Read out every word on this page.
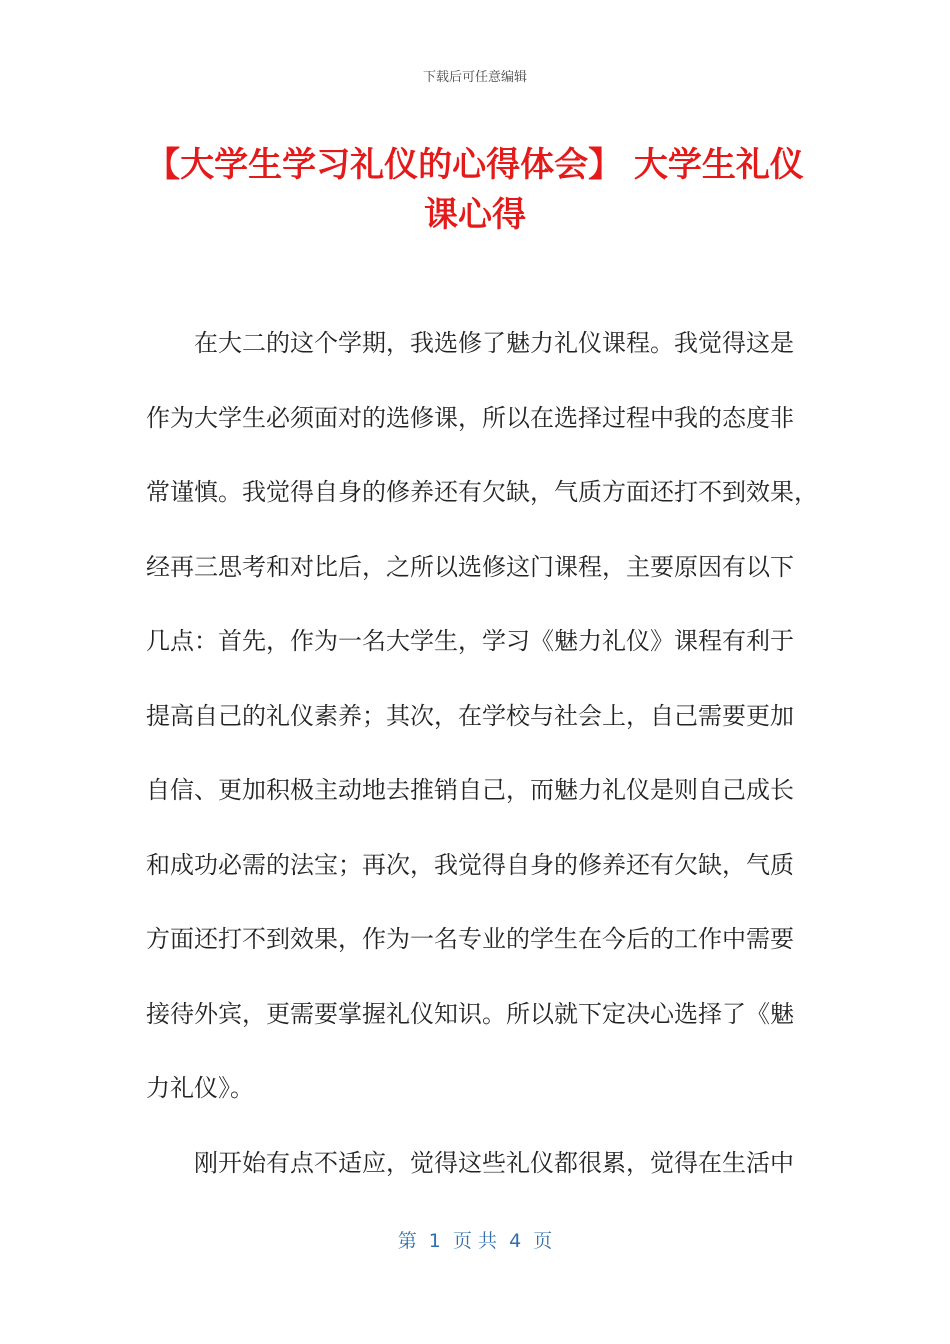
下载后可任意编辑
【大学生学习礼仪的心得体会】 大学生礼仪
课心得
在大二的这个学期，我选修了魅力礼仪课程。我觉得这是
作为大学生必须面对的选修课，所以在选择过程中我的态度非
常谨慎。我觉得自身的修养还有欠缺，气质方面还打不到效果，
经再三思考和对比后，之所以选修这门课程，主要原因有以下
几点：首先，作为一名大学生，学习《魅力礼仪》课程有利于
提高自己的礼仪素养；其次，在学校与社会上，自己需要更加
自信、更加积极主动地去推销自己，而魅力礼仪是则自己成长
和成功必需的法宝；再次，我觉得自身的修养还有欠缺，气质
方面还打不到效果，作为一名专业的学生在今后的工作中需要
接待外宾，更需要掌握礼仪知识。所以就下定决心选择了《魅
力礼仪》。
刚开始有点不适应，觉得这些礼仪都很累，觉得在生活中
第  1  页 共  4  页
